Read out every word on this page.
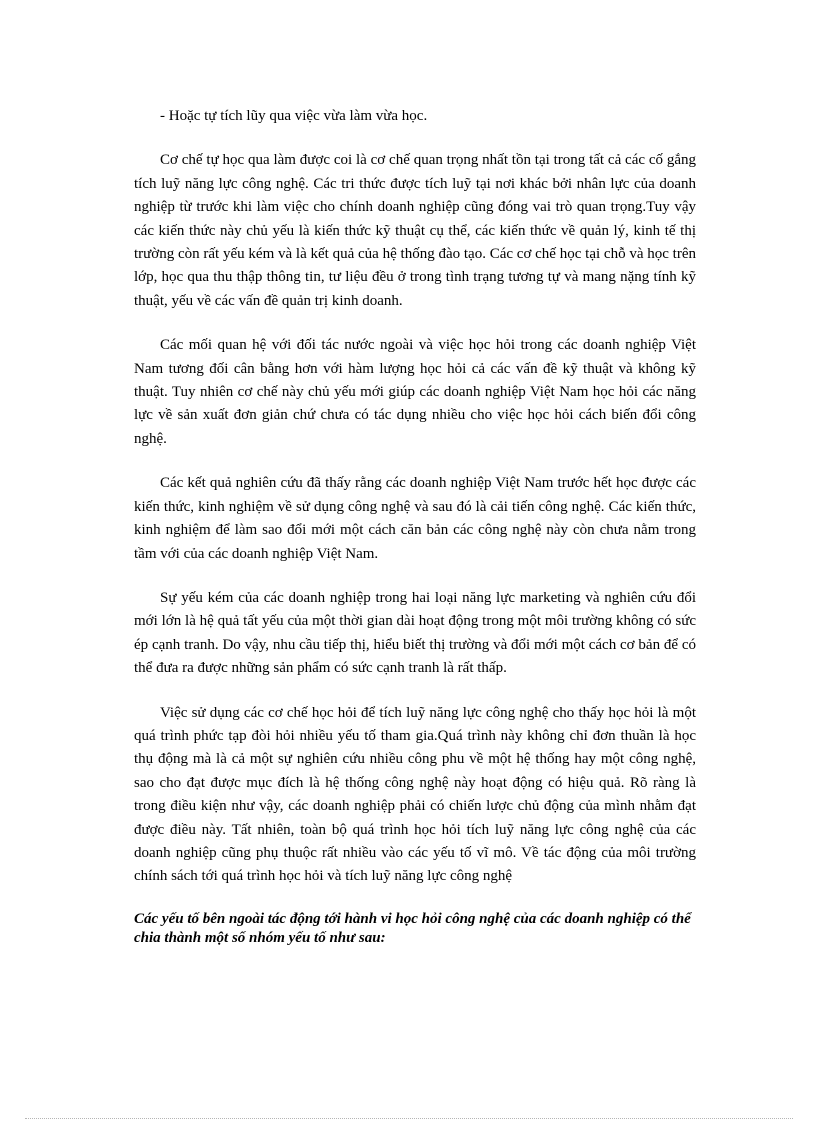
- Hoặc tự tích lũy qua việc vừa làm vừa học.

Cơ chế tự học qua làm được coi là cơ chế quan trọng nhất tồn tại trong tất cả các cố gắng tích luỹ năng lực công nghệ. Các tri thức được tích luỹ tại nơi khác bởi nhân lực của doanh nghiệp từ trước khi làm việc cho chính doanh nghiệp cũng đóng vai trò quan trọng.Tuy vậy các kiến thức này chủ yếu là kiến thức kỹ thuật cụ thể, các kiến thức về quản lý, kinh tế thị trường còn rất yếu kém và là kết quả của hệ thống đào tạo. Các cơ chế học tại chỗ và học trên lớp, học qua thu thập thông tin, tư liệu đều ở trong tình trạng tương tự và mang nặng tính kỹ thuật, yếu về các vấn đề quản trị kinh doanh.

Các mối quan hệ với đối tác nước ngoài và việc học hỏi trong các doanh nghiệp Việt Nam tương đối cân bằng hơn với hàm lượng học hỏi cả các vấn đề kỹ thuật và không kỹ thuật. Tuy nhiên cơ chế này chủ yếu mới giúp các doanh nghiệp Việt Nam học hỏi các năng lực về sản xuất đơn giản chứ chưa có tác dụng nhiều cho việc học hỏi cách biến đổi công nghệ.

Các kết quả nghiên cứu đã thấy rằng các doanh nghiệp Việt Nam trước hết học được các kiến thức, kinh nghiệm về sử dụng công nghệ và sau đó là cải tiến công nghệ. Các kiến thức, kinh nghiệm để làm sao đổi mới một cách căn bản các công nghệ này còn chưa nằm trong tầm với của các doanh nghiệp Việt Nam.

Sự yếu kém của các doanh nghiệp trong hai loại năng lực marketing và nghiên cứu đổi mới lớn là hệ quả tất yếu của một thời gian dài hoạt động trong một môi trường không có sức ép cạnh tranh. Do vậy, nhu cầu tiếp thị, hiểu biết thị trường và đổi mới một cách cơ bản để có thể đưa ra được những sản phẩm có sức cạnh tranh là rất thấp.

Việc sử dụng các cơ chế học hỏi để tích luỹ năng lực công nghệ cho thấy học hỏi là một quá trình phức tạp đòi hỏi nhiều yếu tố tham gia.Quá trình này không chỉ đơn thuần là học thụ động mà là cả một sự nghiên cứu nhiều công phu về một hệ thống hay một công nghệ, sao cho đạt được mục đích là hệ thống công nghệ này hoạt động có hiệu quả. Rõ ràng là trong điều kiện như vậy, các doanh nghiệp phải có chiến lược chủ động của mình nhằm đạt được điều này. Tất nhiên, toàn bộ quá trình học hỏi tích luỹ năng lực công nghệ của các doanh nghiệp cũng phụ thuộc rất nhiều vào các yếu tố vĩ mô. Về tác động của môi trường chính sách tới quá trình học hỏi và tích luỹ năng lực công nghệ

Các yếu tố bên ngoài tác động tới hành vi học hỏi công nghệ của các doanh nghiệp có thể chia thành một số nhóm yếu tố như sau:
